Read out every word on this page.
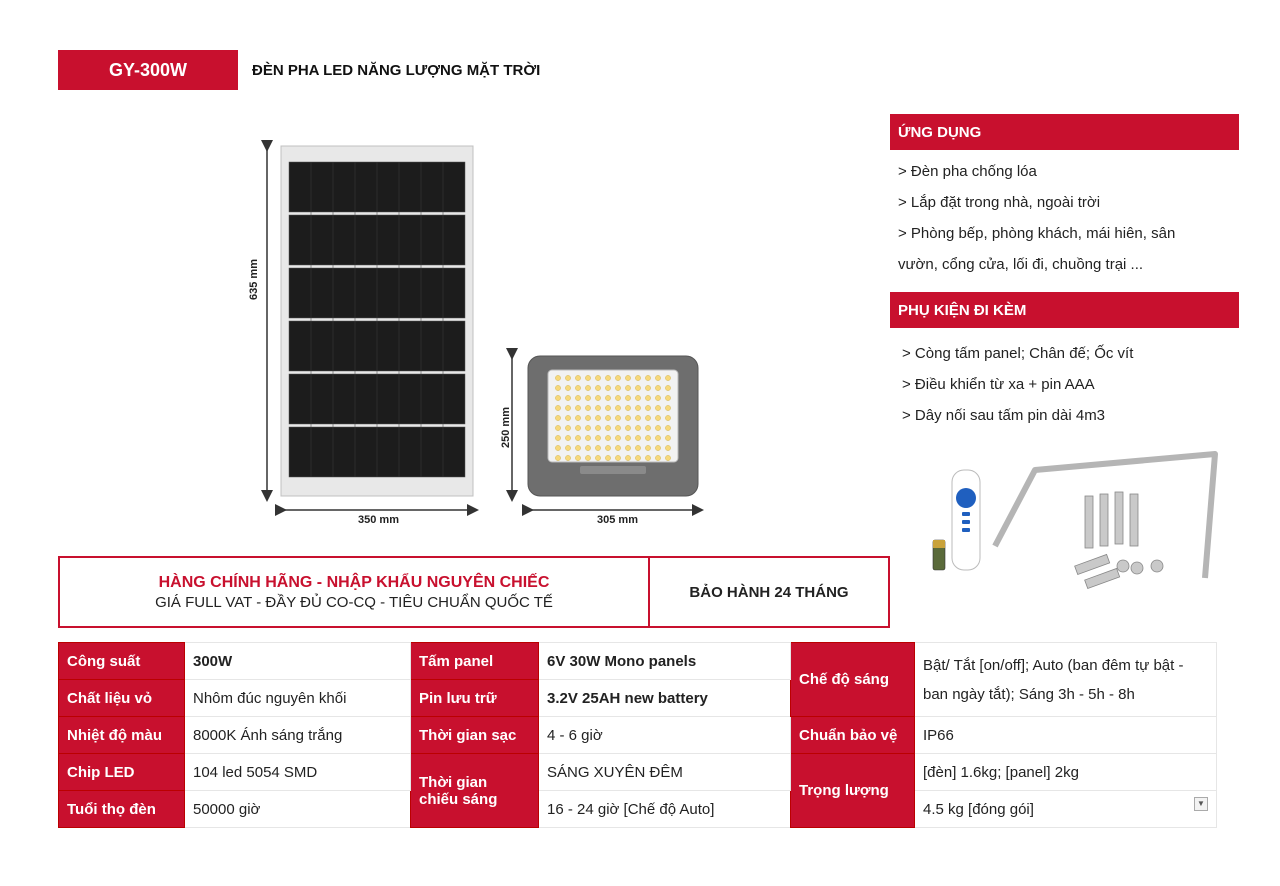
GY-300W	ĐÈN PHA LED NĂNG LƯỢNG MẶT TRỜI
635 mm
350 mm
250 mm
305 mm
ỨNG DỤNG
> Đèn pha chống lóa
> Lắp đặt trong nhà, ngoài trời
> Phòng bếp, phòng khách, mái hiên, sân
vườn, cổng cửa, lối đi, chuồng trại ...
PHỤ KIỆN ĐI KÈM
> Còng tấm panel; Chân đế; Ốc vít
> Điều khiển từ xa + pin AAA
> Dây nối sau tấm pin dài 4m3
HÀNG CHÍNH HÃNG - NHẬP KHẨU NGUYÊN CHIẾC
GIÁ FULL VAT - ĐẦY ĐỦ CO-CQ - TIÊU CHUẨN QUỐC TẾ
BẢO HÀNH 24 THÁNG
Công suất	300W	Tấm panel	6V 30W Mono panels	Chế độ sáng	Bật/ Tắt [on/off]; Auto (ban đêm tự bật - ban ngày tắt); Sáng 3h - 5h - 8h
Chất liệu vỏ	Nhôm đúc nguyên khối	Pin lưu trữ	3.2V 25AH new battery		
Nhiệt độ màu	8000K Ánh sáng trắng	Thời gian sạc	4 - 6 giờ	Chuẩn bảo vệ	IP66
Chip LED	104 led 5054 SMD	Thời gian chiếu sáng	SÁNG XUYÊN ĐÊM	Trọng lượng	[đèn] 1.6kg; [panel] 2kg
Tuổi thọ đèn	50000 giờ		16 - 24 giờ [Chế độ Auto]		4.5 kg [đóng gói] ▼
